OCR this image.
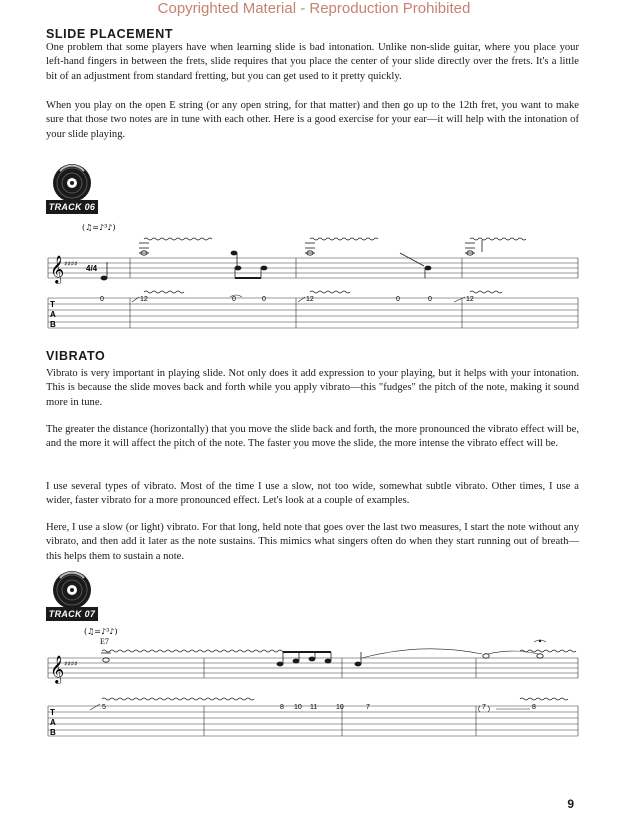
Copyrighted Material - Reproduction Prohibited
SLIDE PLACEMENT

One problem that some players have when learning slide is bad intonation. Unlike non-slide guitar, where you place your left-hand fingers in between the frets, slide requires that you place the center of your slide directly over the frets. It's a little bit of an adjustment from standard fretting, but you can get used to it pretty quickly.

When you play on the open E string (or any open string, for that matter) and then go up to the 12th fret, you want to make sure that those two notes are in tune with each other. Here is a good exercise for your ear—it will help with the intonation of your slide playing.

TRACK 06
(♫=♪³♪)
𝄞 ♯♯♯♯ 4/4
T
A
B
0	12	0	0	12	0	0	12
VIBRATO

Vibrato is very important in playing slide. Not only does it add expression to your playing, but it helps with your intonation. This is because the slide moves back and forth while you apply vibrato—this "fudges" the pitch of the note, making it sound more in tune.

The greater the distance (horizontally) that you move the slide back and forth, the more pronounced the vibrato effect will be, and the more it will affect the pitch of the note. The faster you move the slide, the more intense the vibrato effect will be.

I use several types of vibrato. Most of the time I use a slow, not too wide, somewhat subtle vibrato. Other times, I use a wider, faster vibrato for a more pronounced effect. Let's look at a couple of examples.

Here, I use a slow (or light) vibrato. For that long, held note that goes over the last two measures, I start the note without any vibrato, and then add it later as the note sustains. This mimics what singers often do when they start running out of breath—this helps them to sustain a note.

TRACK 07
(♫=♪³♪)
E7
𝄞 ♯♯♯♯
T
A
B
5	8 10 11	10	7	7	8
9
